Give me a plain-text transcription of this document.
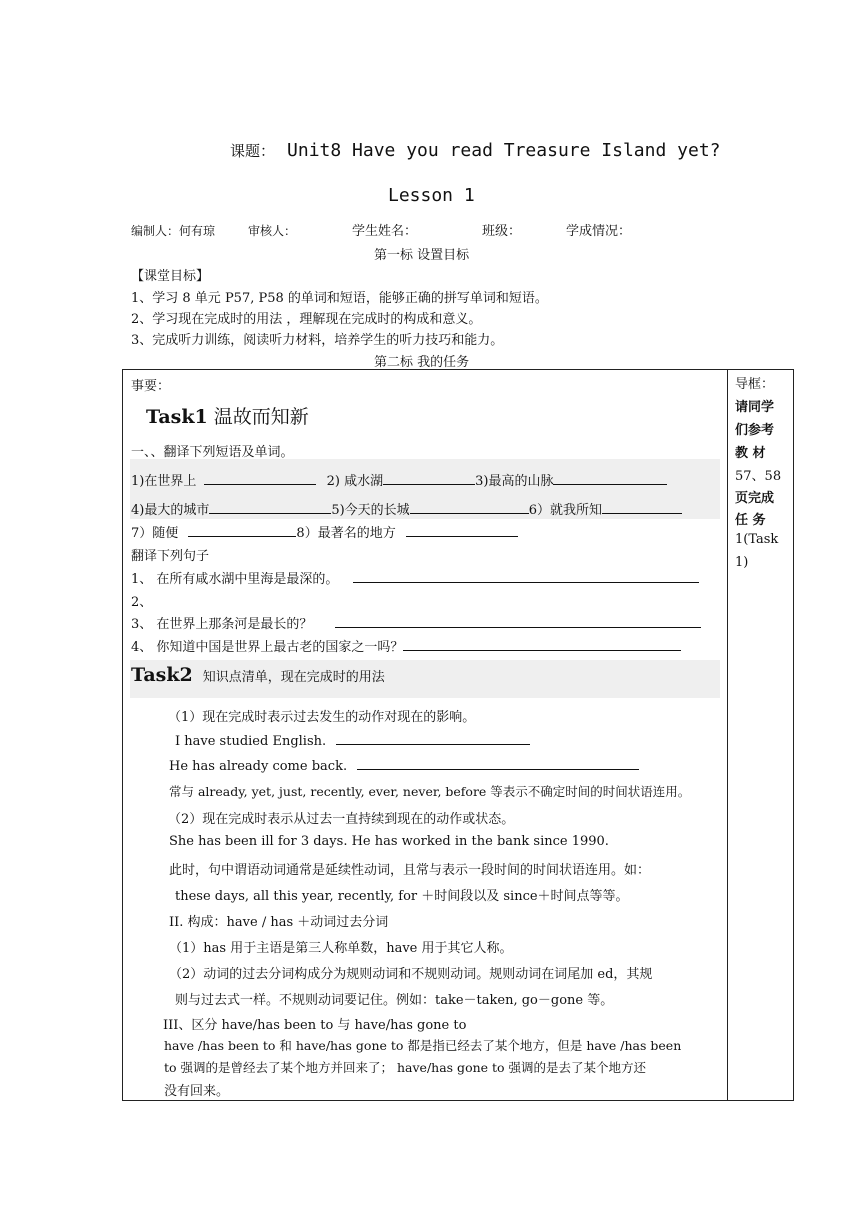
课题： Unit8 Have you read Treasure Island yet?
Lesson 1
编制人：何有琼	审核人：	学生姓名：	班级：	学成情况：
第一标 设置目标
【课堂目标】
1、学习 8 单元 P57, P58 的单词和短语，能够正确的拼写单词和短语。
2、学习现在完成时的用法 ，理解现在完成时的构成和意义。
3、完成听力训练，阅读听力材料，培养学生的听力技巧和能力。
第二标 我的任务
事要：
Task1 温故而知新
一、、翻译下列短语及单词。
1)在世界上	2) 咸水湖	3)最高的山脉
4)最大的城市	5)今天的长城	6）就我所知
7）随便	8）最著名的地方
翻译下列句子
1、 在所有咸水湖中里海是最深的。
2、
3、 在世界上那条河是最长的？
4、 你知道中国是世界上最古老的国家之一吗？
Task2 知识点清单，现在完成时的用法
（1）现在完成时表示过去发生的动作对现在的影响。
I have studied English.
He has already come back.
常与 already, yet, just, recently, ever, never, before 等表示不确定时间的时间状语连用。
（2）现在完成时表示从过去一直持续到现在的动作或状态。
She has been ill for 3 days. He has worked in the bank since 1990.
此时，句中谓语动词通常是延续性动词，且常与表示一段时间的时间状语连用。如：
these days, all this year, recently, for ＋时间段以及 since＋时间点等等。
II. 构成：have / has ＋动词过去分词
（1）has 用于主语是第三人称单数，have 用于其它人称。
（2）动词的过去分词构成分为规则动词和不规则动词。规则动词在词尾加 ed，其规
则与过去式一样。不规则动词要记住。例如：take－taken, go－gone 等。
III、区分 have/has been to 与 have/has gone to
have /has been to 和 have/has gone to 都是指已经去了某个地方，但是 have /has been
to 强调的是曾经去了某个地方并回来了； have/has gone to 强调的是去了某个地方还
没有回来。
导框：
请同学
们参考
教 材
57、58
页完成
任 务
1(Task
1)
